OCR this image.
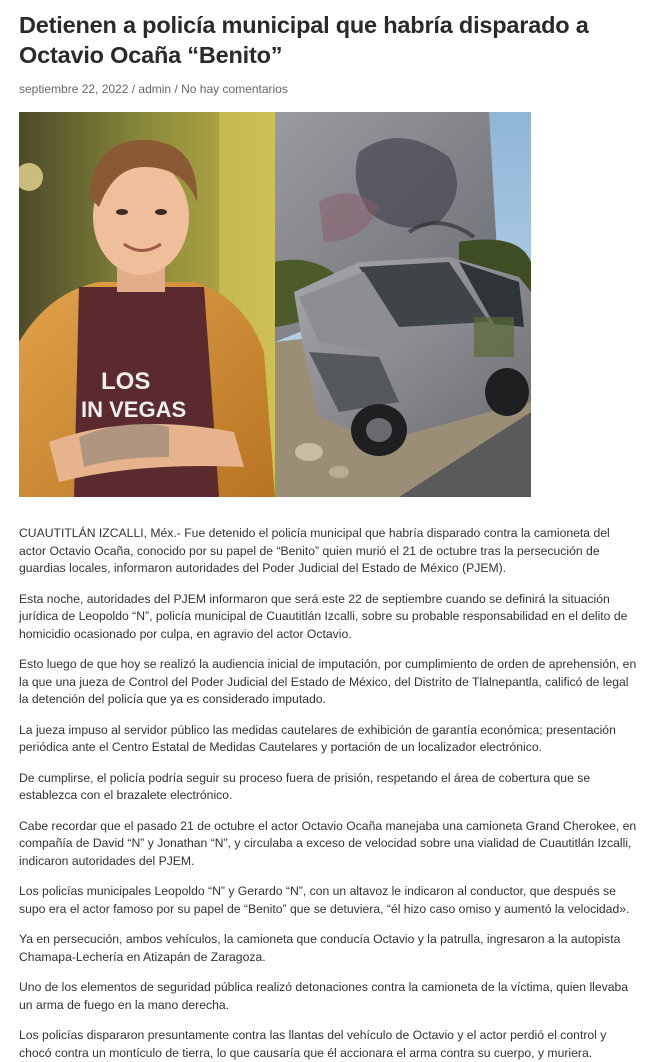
Detienen a policía municipal que habría disparado a Octavio Ocaña “Benito”
septiembre 22, 2022 / admin / No hay comentarios
LOS
IN VEGAS

CUAUTITLÁN IZCALLI, Méx.- Fue detenido el policía municipal que habría disparado contra la camioneta del actor Octavio Ocaña, conocido por su papel de “Benito” quien murió el 21 de octubre tras la persecución de guardias locales, informaron autoridades del Poder Judicial del Estado de México (PJEM).

Esta noche, autoridades del PJEM informaron que será este 22 de septiembre cuando se definirá la situación jurídica de Leopoldo “N”, policía municipal de Cuautitlán Izcalli, sobre su probable responsabilidad en el delito de homicidio ocasionado por culpa, en agravio del actor Octavio.

Esto luego de que hoy se realizó la audiencia inicial de imputación, por cumplimiento de orden de aprehensión, en la que una jueza de Control del Poder Judicial del Estado de México, del Distrito de Tlalnepantla, calificó de legal la detención del policía que ya es considerado imputado.

La jueza impuso al servidor público las medidas cautelares de exhibición de garantía económica; presentación periódica ante el Centro Estatal de Medidas Cautelares y portación de un localizador electrónico.

De cumplirse, el policía podría seguir su proceso fuera de prisión, respetando el área de cobertura que se establezca con el brazalete electrónico.

Cabe recordar que el pasado 21 de octubre el actor Octavio Ocaña manejaba una camioneta Grand Cherokee, en compañía de David “N” y Jonathan “N”, y circulaba a exceso de velocidad sobre una vialidad de Cuautitlán Izcalli, indicaron autoridades del PJEM.

Los policías municipales Leopoldo “N” y Gerardo “N”, con un altavoz le indicaron al conductor, que después se supo era el actor famoso por su papel de “Benito” que se detuviera, “él hizo caso omiso y aumentó la velocidad».

Ya en persecución, ambos vehículos, la camioneta que conducía Octavio y la patrulla, ingresaron a la autopista Chamapa-Lechería en Atizapán de Zaragoza.

Uno de los elementos de seguridad pública realizó detonaciones contra la camioneta de la víctima, quien llevaba un arma de fuego en la mano derecha.

Los policías dispararon presuntamente contra las llantas del vehículo de Octavio y el actor perdió el control y chocó contra un montículo de tierra, lo que causaría que él accionara el arma contra su cuerpo, y muriera.
